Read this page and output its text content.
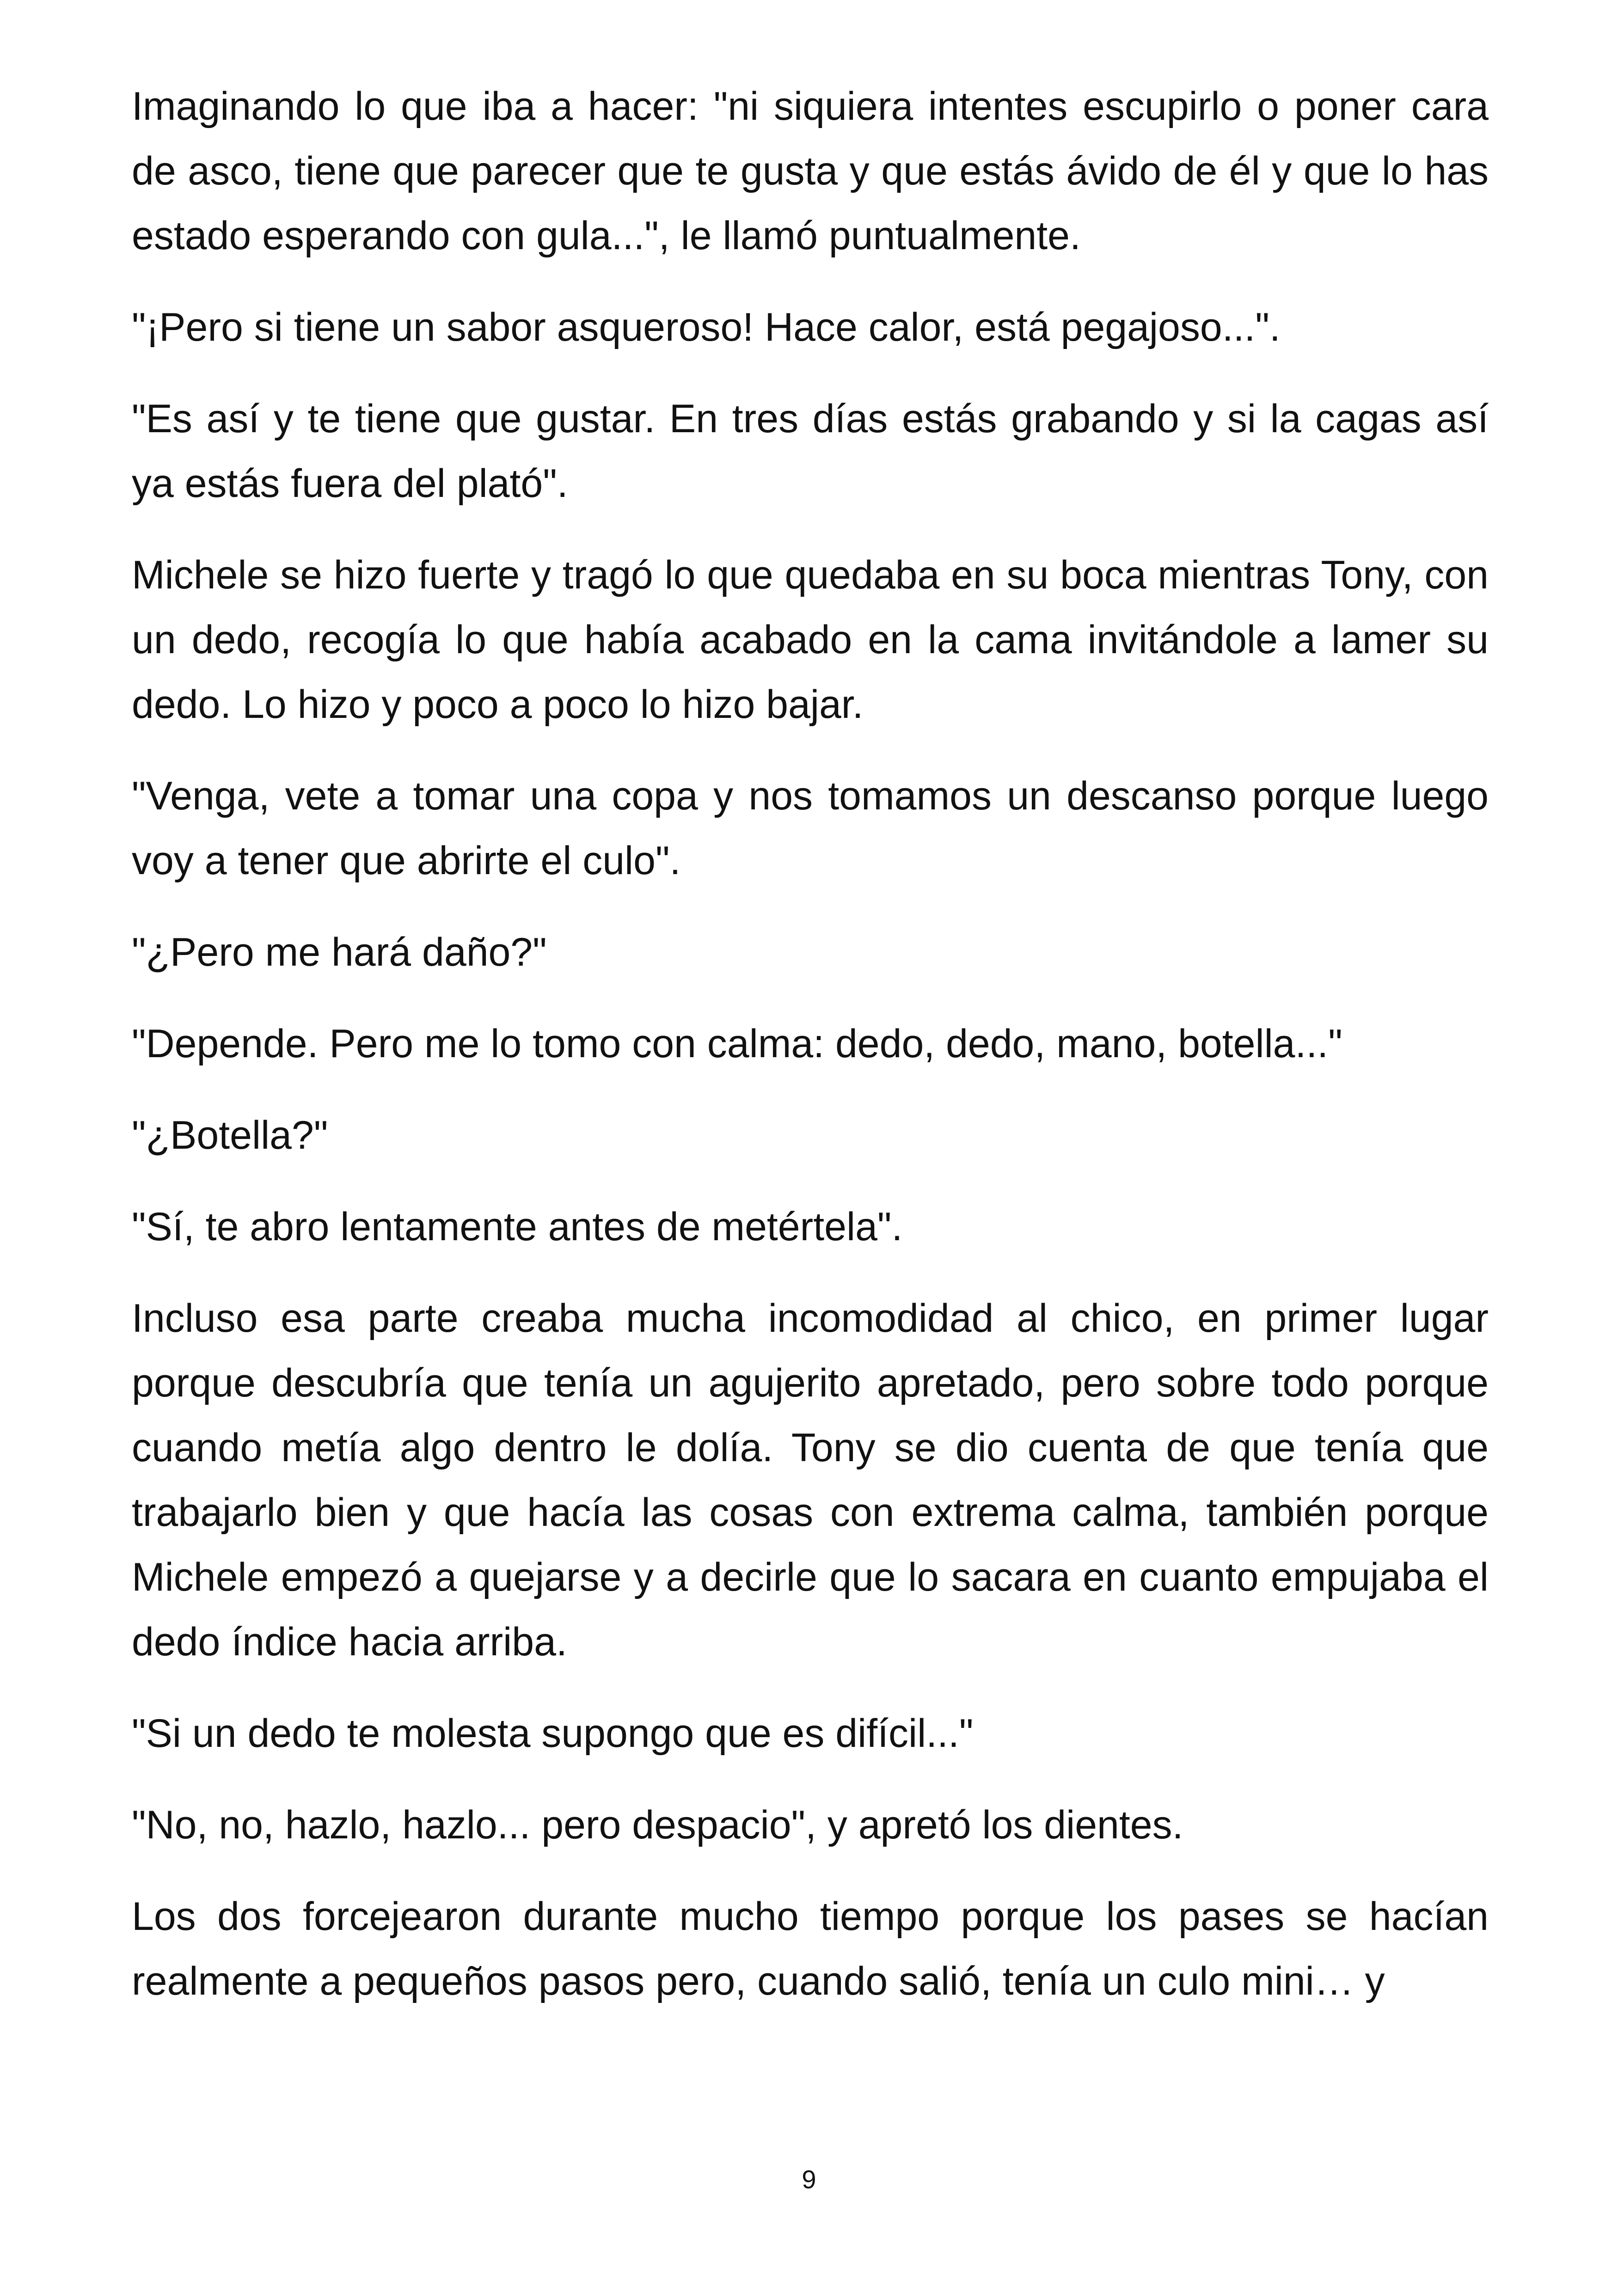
Imaginando lo que iba a hacer: "ni siquiera intentes escupirlo o poner cara de asco, tiene que parecer que te gusta y que estás ávido de él y que lo has estado esperando con gula...", le llamó puntualmente.

"¡Pero si tiene un sabor asqueroso! Hace calor, está pegajoso...".

"Es así y te tiene que gustar. En tres días estás grabando y si la cagas así ya estás fuera del plató".

Michele se hizo fuerte y tragó lo que quedaba en su boca mientras Tony, con un dedo, recogía lo que había acabado en la cama invitándole a lamer su dedo. Lo hizo y poco a poco lo hizo bajar.

"Venga, vete a tomar una copa y nos tomamos un descanso porque luego voy a tener que abrirte el culo".

"¿Pero me hará daño?"

"Depende. Pero me lo tomo con calma: dedo, dedo, mano, botella..."

"¿Botella?"

"Sí, te abro lentamente antes de metértela".

Incluso esa parte creaba mucha incomodidad al chico, en primer lugar porque descubría que tenía un agujerito apretado, pero sobre todo porque cuando metía algo dentro le dolía. Tony se dio cuenta de que tenía que trabajarlo bien y que hacía las cosas con extrema calma, también porque Michele empezó a quejarse y a decirle que lo sacara en cuanto empujaba el dedo índice hacia arriba.

"Si un dedo te molesta supongo que es difícil..."

"No, no, hazlo, hazlo... pero despacio", y apretó los dientes.

Los dos forcejearon durante mucho tiempo porque los pases se hacían realmente a pequeños pasos pero, cuando salió, tenía un culo mini… y

9
